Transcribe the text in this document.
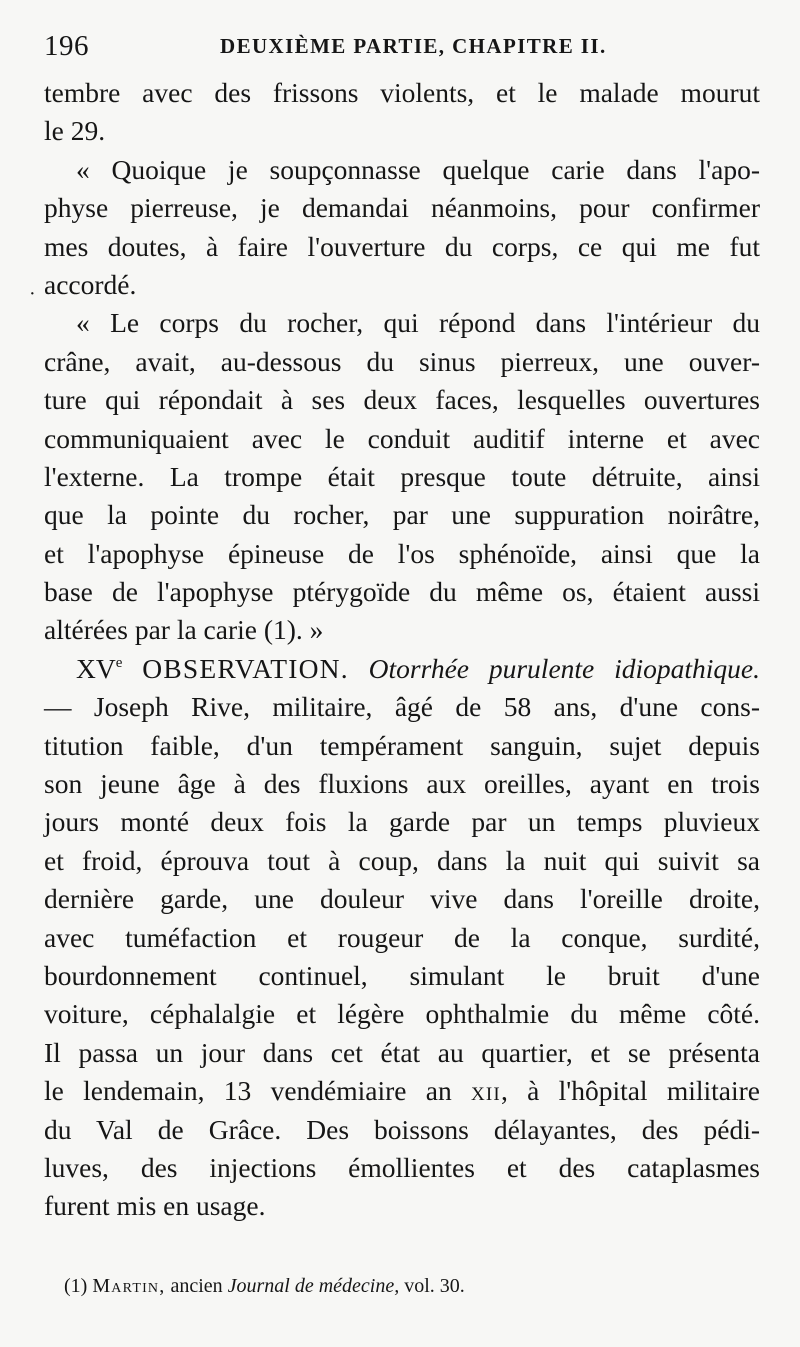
196	DEUXIÈME PARTIE, CHAPITRE II.
·
tembre avec des frissons violents, et le malade mourut
le 29.
« Quoique je soupçonnasse quelque carie dans l'apo-
physe pierreuse, je demandai néanmoins, pour confirmer
mes doutes, à faire l'ouverture du corps, ce qui me fut
accordé.
« Le corps du rocher, qui répond dans l'intérieur du
crâne, avait, au-dessous du sinus pierreux, une ouver-
ture qui répondait à ses deux faces, lesquelles ouvertures
communiquaient avec le conduit auditif interne et avec
l'externe. La trompe était presque toute détruite, ainsi
que la pointe du rocher, par une suppuration noirâtre,
et l'apophyse épineuse de l'os sphénoïde, ainsi que la
base de l'apophyse ptérygoïde du même os, étaient aussi
altérées par la carie (1). »
XVe OBSERVATION. Otorrhée purulente idiopathique.
— Joseph Rive, militaire, âgé de 58 ans, d'une cons-
titution faible, d'un tempérament sanguin, sujet depuis
son jeune âge à des fluxions aux oreilles, ayant en trois
jours monté deux fois la garde par un temps pluvieux
et froid, éprouva tout à coup, dans la nuit qui suivit sa
dernière garde, une douleur vive dans l'oreille droite,
avec tuméfaction et rougeur de la conque, surdité,
bourdonnement continuel, simulant le bruit d'une
voiture, céphalalgie et légère ophthalmie du même côté.
Il passa un jour dans cet état au quartier, et se présenta
le lendemain, 13 vendémiaire an xii, à l'hôpital militaire
du Val de Grâce. Des boissons délayantes, des pédi-
luves, des injections émollientes et des cataplasmes
furent mis en usage.
(1) Martin, ancien Journal de médecine, vol. 30.
